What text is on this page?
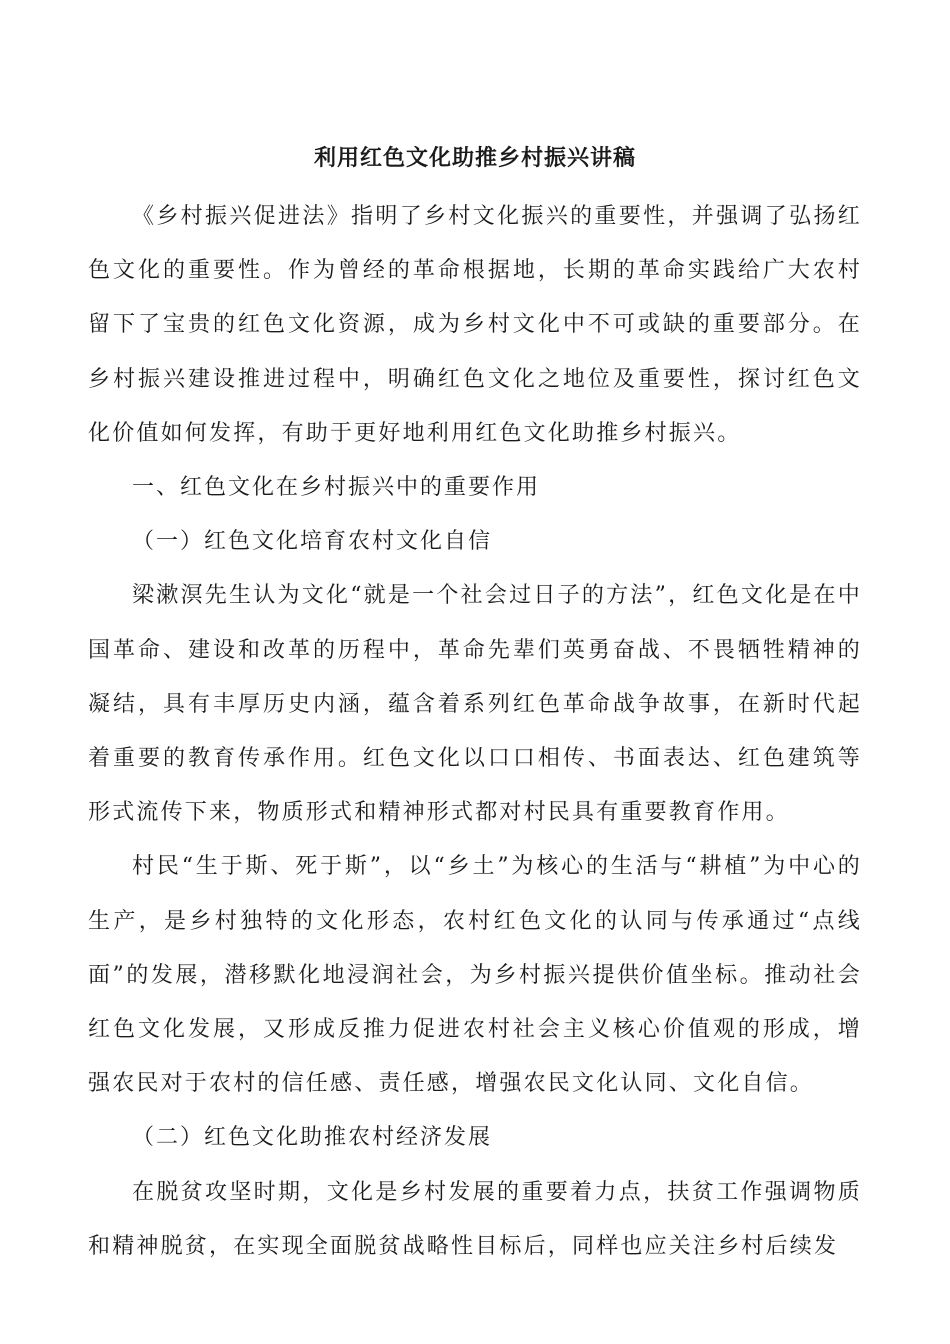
利用红色文化助推乡村振兴讲稿

《乡村振兴促进法》指明了乡村文化振兴的重要性，并强调了弘扬红色文化的重要性。作为曾经的革命根据地，长期的革命实践给广大农村留下了宝贵的红色文化资源，成为乡村文化中不可或缺的重要部分。在乡村振兴建设推进过程中，明确红色文化之地位及重要性，探讨红色文化价值如何发挥，有助于更好地利用红色文化助推乡村振兴。

一、红色文化在乡村振兴中的重要作用

（一）红色文化培育农村文化自信

梁漱溟先生认为文化“就是一个社会过日子的方法”，红色文化是在中国革命、建设和改革的历程中，革命先辈们英勇奋战、不畏牺牲精神的凝结，具有丰厚历史内涵，蕴含着系列红色革命战争故事，在新时代起着重要的教育传承作用。红色文化以口口相传、书面表达、红色建筑等形式流传下来，物质形式和精神形式都对村民具有重要教育作用。

村民“生于斯、死于斯”，以“乡土”为核心的生活与“耕植”为中心的生产，是乡村独特的文化形态，农村红色文化的认同与传承通过“点线面”的发展，潜移默化地浸润社会，为乡村振兴提供价值坐标。推动社会红色文化发展，又形成反推力促进农村社会主义核心价值观的形成，增强农民对于农村的信任感、责任感，增强农民文化认同、文化自信。

（二）红色文化助推农村经济发展

在脱贫攻坚时期，文化是乡村发展的重要着力点，扶贫工作强调物质和精神脱贫，在实现全面脱贫战略性目标后，同样也应关注乡村后续发
